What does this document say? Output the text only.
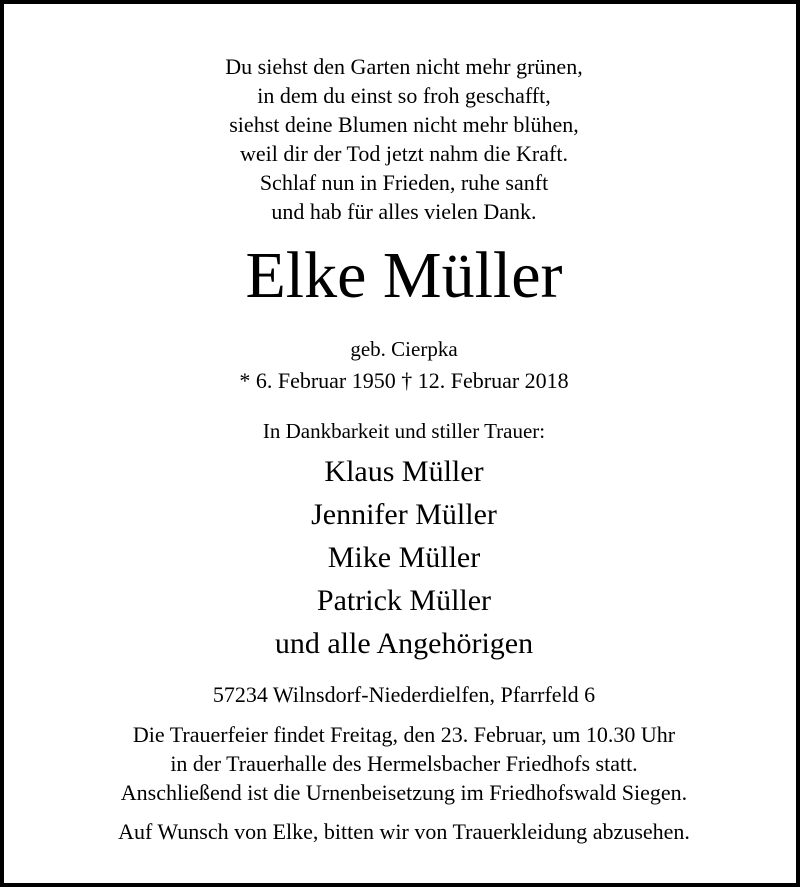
Du siehst den Garten nicht mehr grünen,
in dem du einst so froh geschafft,
siehst deine Blumen nicht mehr blühen,
weil dir der Tod jetzt nahm die Kraft.
Schlaf nun in Frieden, ruhe sanft
und hab für alles vielen Dank.
Elke Müller
geb. Cierpka
* 6. Februar 1950 † 12. Februar 2018
In Dankbarkeit und stiller Trauer:
Klaus Müller
Jennifer Müller
Mike Müller
Patrick Müller
und alle Angehörigen
57234 Wilnsdorf-Niederdielfen, Pfarrfeld 6
Die Trauerfeier findet Freitag, den 23. Februar, um 10.30 Uhr
in der Trauerhalle des Hermelsbacher Friedhofs statt.
Anschließend ist die Urnenbeisetzung im Friedhofswald Siegen.
Auf Wunsch von Elke, bitten wir von Trauerkleidung abzusehen.
